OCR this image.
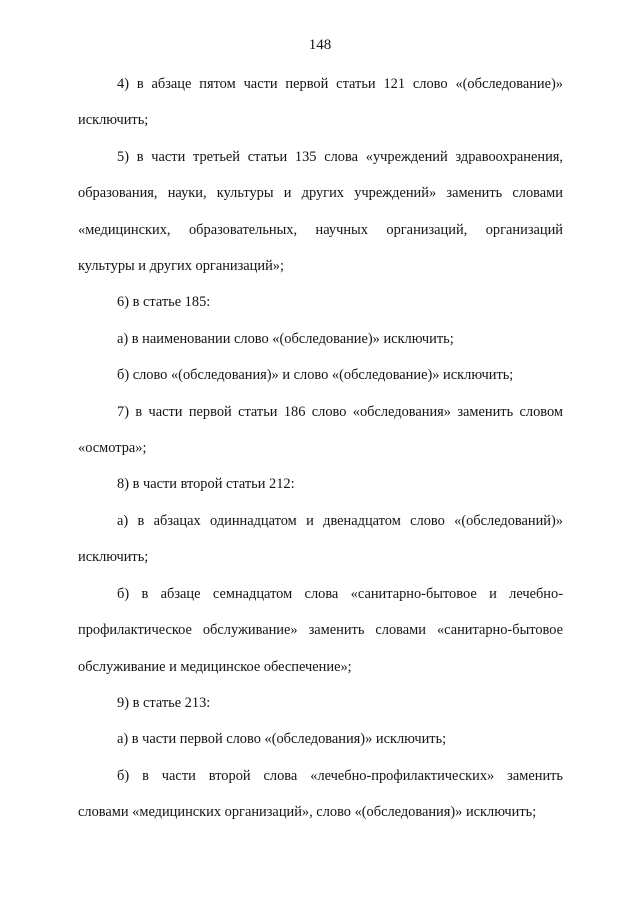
148
4) в абзаце пятом части первой статьи 121 слово «(обследование)»
исключить;
5) в части третьей статьи 135 слова «учреждений здравоохранения,
образования, науки, культуры и других учреждений» заменить словами
«медицинских, образовательных, научных организаций, организаций
культуры и других организаций»;
6) в статье 185:
а) в наименовании слово «(обследование)» исключить;
б) слово «(обследования)» и слово «(обследование)» исключить;
7) в части первой статьи 186 слово «обследования» заменить словом
«осмотра»;
8) в части второй статьи 212:
а) в абзацах одиннадцатом и двенадцатом слово «(обследований)»
исключить;
б) в абзаце семнадцатом слова «санитарно-бытовое и лечебно-
профилактическое обслуживание» заменить словами «санитарно-бытовое
обслуживание и медицинское обеспечение»;
9) в статье 213:
а) в части первой слово «(обследования)» исключить;
б) в части второй слова «лечебно-профилактических» заменить
словами «медицинских организаций», слово «(обследования)» исключить;
